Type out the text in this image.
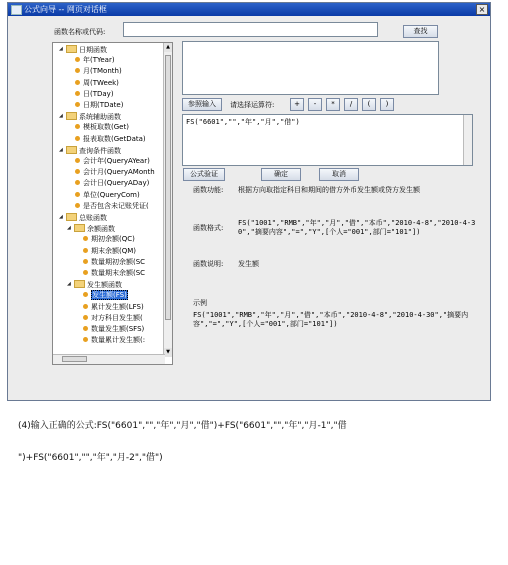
公式向导 -- 网页对话框	×
函数名称或代码:	查找
◢ 日期函数
年(TYear)
月(TMonth)
周(TWeek)
日(TDay)
日期(TDate)
◢ 系统辅助函数
模板取数(Get)
报表取数(GetData)
◢ 查询条件函数
会计年(QueryAYear)
会计月(QueryAMonth
会计日(QueryADay)
单位(QueryCom)
是否包含未记账凭证(
◢ 总账函数
◢ 余额函数
期初余额(QC)
期末余额(QM)
数量期初余额(SC
数量期末余额(SC
◢ 发生额函数
发生额(FS)
累计发生额(LFS)
对方科目发生额(
数量发生额(SFS)
数量累计发生额(:
▲
▼
参照输入	请选择运算符:
FS("6601","","年","月","借")
公式验证	确定	取消
函数功能: 根据方向取指定科目和期间的借方外币发生额或贷方发生额
函数格式:
FS("1001","RMB","年","月","借","本币","2010-4-8","2010-4-30","摘要内容","=","Y",[个人="001",部门="101"])
函数说明: 发生额
示例
FS("1001","RMB","年","月","借","本币","2010-4-8","2010-4-30","摘要内容","=","Y",[个人="001",部门="101"])
+	-	*	/	(	)
(4)输入正确的公式:FS("6601","","年","月","借")+FS("6601","","年","月-1","借
")+FS("6601","","年","月-2","借")
